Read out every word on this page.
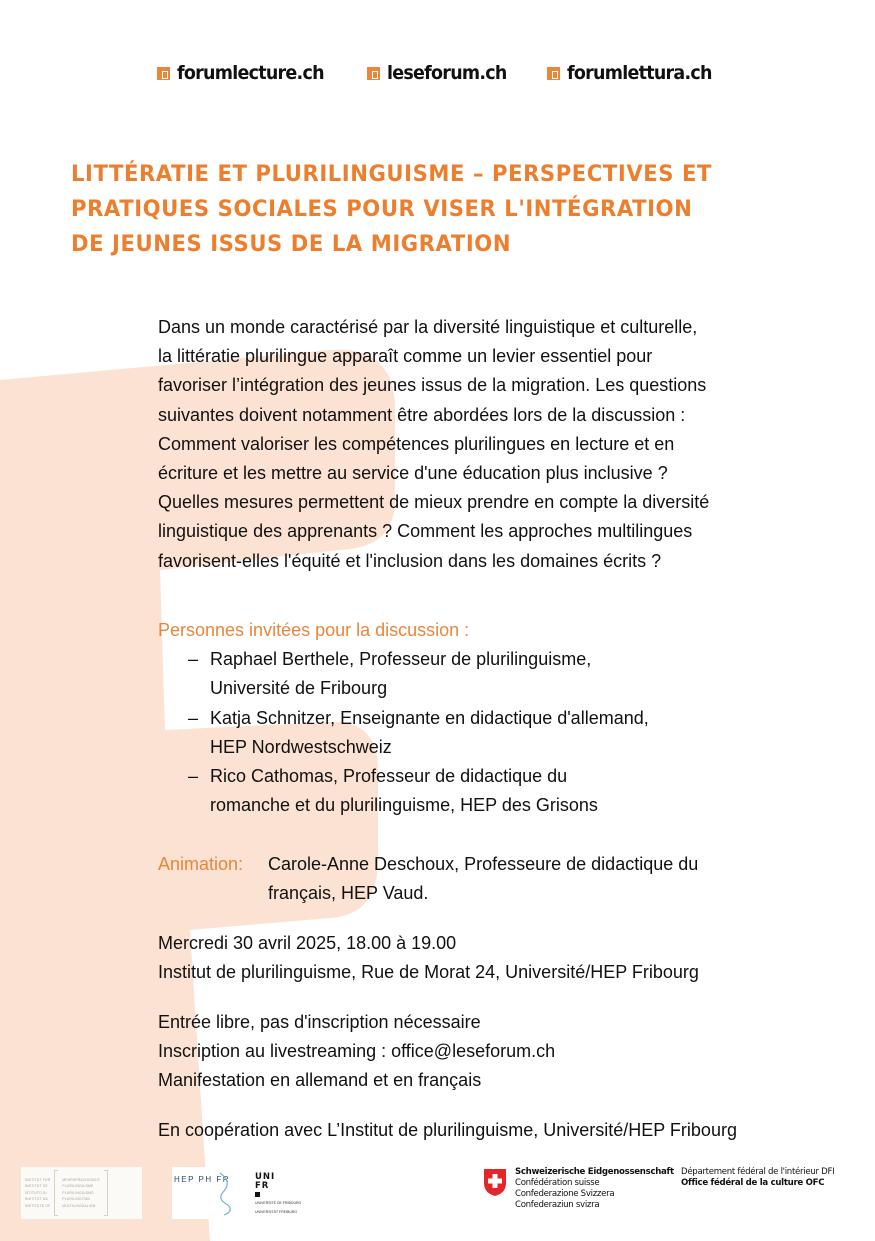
forumlecture.ch	leseforum.ch	forumlettura.ch
LITTÉRATIE ET PLURILINGUISME – PERSPECTIVES ET
PRATIQUES SOCIALES POUR VISER L'INTÉGRATION
DE JEUNES ISSUS DE LA MIGRATION
Dans un monde caractérisé par la diversité linguistique et culturelle,
la littératie plurilingue apparaît comme un levier essentiel pour
favoriser l’intégration des jeunes issus de la migration. Les questions
suivantes doivent notamment être abordées lors de la discussion :
Comment valoriser les compétences plurilingues en lecture et en
écriture et les mettre au service d'une éducation plus inclusive ?
Quelles mesures permettent de mieux prendre en compte la diversité
linguistique des apprenants ? Comment les approches multilingues
favorisent-elles l'équité et l'inclusion dans les domaines écrits ?
Personnes invitées pour la discussion :
– Raphael Berthele, Professeur de plurilinguisme,
Université de Fribourg
– Katja Schnitzer, Enseignante en didactique d'allemand,
HEP Nordwestschweiz
– Rico Cathomas, Professeur de didactique du
romanche et du plurilinguisme, HEP des Grisons
Animation:	Carole-Anne Deschoux, Professeure de didactique du
français, HEP Vaud.
Mercredi 30 avril 2025, 18.00 à 19.00
Institut de plurilinguisme, Rue de Morat 24, Université/HEP Fribourg
Entrée libre, pas d'inscription nécessaire
Inscription au livestreaming : office@leseforum.ch
Manifestation en allemand et en français
En coopération avec L’Institut de plurilinguisme, Université/HEP Fribourg
INSTITUT FÜR
INSTITUT DE
ISTITUTO DI
INSTITUT DA
INSTITUTE OF
MEHRSPRACHIGKEIT
PLURILINGUISME
PLURILINGUISMO
PLURILINGITAD
MULTILINGUALISM
HEP PH FR	UNI
FR
UNIVERSITÉ DE FRIBOURG
UNIVERSITÄT FREIBURG
Schweizerische Eidgenossenschaft
Confédération suisse
Confederazione Svizzera
Confederaziun svizra
Département fédéral de l'intérieur DFI
Office fédéral de la culture OFC
